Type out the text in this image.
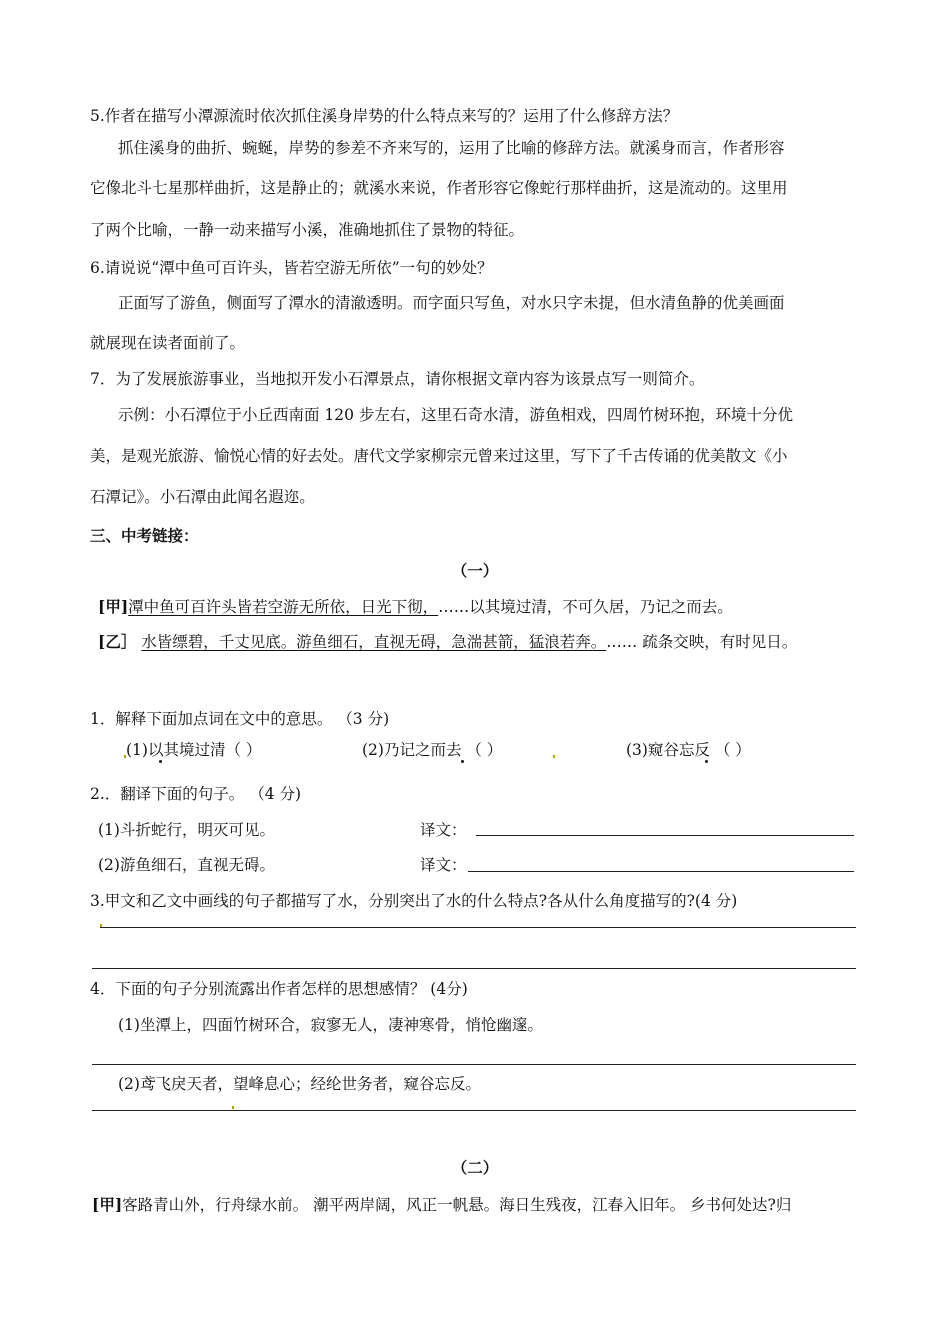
5.作者在描写小潭源流时依次抓住溪身岸势的什么特点来写的？运用了什么修辞方法？
抓住溪身的曲折、蜿蜒，岸势的参差不齐来写的，运用了比喻的修辞方法。就溪身而言，作者形容
它像北斗七星那样曲折，这是静止的；就溪水来说，作者形容它像蛇行那样曲折，这是流动的。这里用
了两个比喻，一静一动来描写小溪，准确地抓住了景物的特征。
6.请说说“潭中鱼可百许头，皆若空游无所依”一句的妙处？
正面写了游鱼，侧面写了潭水的清澈透明。而字面只写鱼，对水只字未提，但水清鱼静的优美画面
就展现在读者面前了。
7．为了发展旅游事业，当地拟开发小石潭景点，请你根据文章内容为该景点写一则简介。
示例：小石潭位于小丘西南面 120 步左右，这里石奇水清，游鱼相戏，四周竹树环抱，环境十分优
美，是观光旅游、愉悦心情的好去处。唐代文学家柳宗元曾来过这里，写下了千古传诵的优美散文《小
石潭记》。小石潭由此闻名遐迩。
三、中考链接：
（一）
[甲]潭中鱼可百许头皆若空游无所依，日光下彻，……以其境过清，不可久居，乃记之而去。
[乙］ 水皆缥碧，千丈见底。游鱼细石，直视无碍，急湍甚箭，猛浪若奔。…… 疏条交映，有时见日。
1．解释下面加点词在文中的意思。 （3 分)
(1)以其境过清（ ）	(2)乃记之而去 （ ）	(3)窥谷忘反 （ ）
2.．翻译下面的句子。 （4 分)
(1)斗折蛇行，明灭可见。	译文：
(2)游鱼细石，直视无碍。	译文：
3.甲文和乙文中画线的句子都描写了水，分别突出了水的什么特点?各从什么角度描写的?(4 分)
4．下面的句子分别流露出作者怎样的思想感情？ (4分)
(1)坐潭上，四面竹树环合，寂寥无人，凄神寒骨，悄怆幽邃。
(2)鸢飞戾天者，望峰息心；经纶世务者，窥谷忘反。
（二）
[甲]客路青山外，行舟绿水前。 潮平两岸阔，风正一帆悬。海日生残夜，江春入旧年。 乡书何处达?归
